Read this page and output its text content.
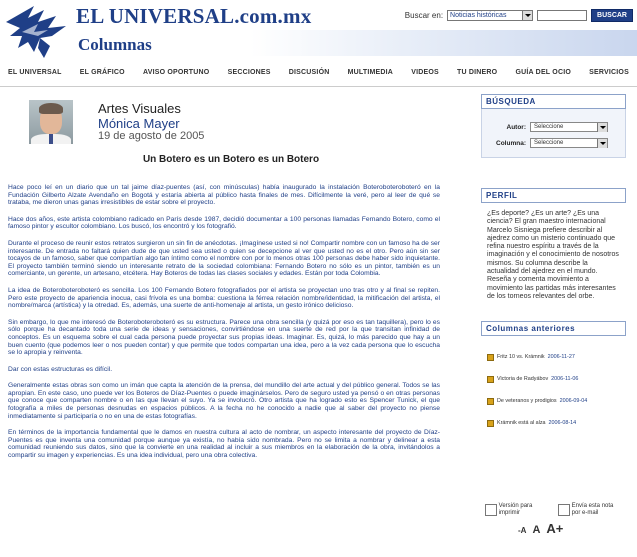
EL UNIVERSAL.com.mx
Columnas
Buscar en: Noticias históricas	BUSCAR
EL UNIVERSAL	EL GRÁFICO	AVISO OPORTUNO	SECCIONES	DISCUSIÓN	MULTIMEDIA	VIDEOS	TU DINERO	GUÍA DEL OCIO	SERVICIOS
Artes Visuales
Mónica Mayer
19 de agosto de 2005
Un Botero es un Botero es un Botero

Hace poco leí en un diario que un tal jaime díaz-puentes (así, con minúsculas) había inaugurado la instalación Boteroboteroboteró en la Fundación Gilberto Alzate Avendaño en Bogotá y estaría abierta al público hasta finales de mes. Difícilmente la veré, pero al leer de qué se trataba, me dieron unas ganas irresistibles de estar sobre el proyecto.

Hace dos años, este artista colombiano radicado en París desde 1987, decidió documentar a 100 personas llamadas Fernando Botero, como el famoso pintor y escultor colombiano. Los buscó, los encontró y los fotografió.

Durante el proceso de reunir estos retratos surgieron un sin fin de anécdotas. ¡Imagínese usted si no! Compartir nombre con un famoso ha de ser interesante. De entrada no faltará quien dude de que usted sea usted o quien se decepcione al ver que usted no es el otro. Pero aún sin ser tocayos de un famoso, saber que compartían algo tan íntimo como el nombre con por lo menos otras 100 personas debe haber sido inquietante. El proyecto también terminó siendo un interesante retrato de la sociedad colombiana: Fernando Botero no sólo es un pintor, también es un comerciante, un gerente, un artesano, etcétera. Hay Boteros de todas las clases sociales y edades. Están por toda Colombia.

La idea de Boteroboteroboteró es sencilla. Los 100 Fernando Botero fotografiados por el artista se proyectan uno tras otro y al final se repiten. Pero este proyecto de apariencia inocua, casi frívola es una bomba: cuestiona la férrea relación nombre/identidad, la mitificación del artista, el nombre/marca (artística) y la otredad. Es, además, una suerte de anti-homenaje al artista, un gesto irónico delicioso.

Sin embargo, lo que me interesó de Boteroboteroboteró es su estructura. Parece una obra sencilla (y quizá por eso es tan taquillera), pero lo es sólo porque ha decantado toda una serie de ideas y sensaciones, convirtiéndose en una suerte de red por la que transitan infinidad de conceptos. Es un esquema sobre el cual cada persona puede proyectar sus propias ideas. Imaginar. Es, quizá, lo más parecido que hay a un buen cuento (que podemos leer o nos pueden contar) y que permite que todos compartan una idea, pero a la vez cada persona que lo escucha se lo apropia y reinventa.

Dar con estas estructuras es difícil.

Generalmente estas obras son como un imán que capta la atención de la prensa, del mundillo del arte actual y del público general. Todos se las apropian. En este caso, uno puede ver los Boteros de Díaz-Puentes o puede imaginárselos. Pero de seguro usted ya pensó o en otras personas que conoce que comparten nombre o en las que llevan el suyo. Ya se involucró. Otro artista que ha logrado esto es Spencer Tunick, el que fotografía a miles de personas desnudas en espacios públicos. A la fecha no he conocido a nadie que al saber del proyecto no piense inmediatamente si participaría o no en una de estas fotografías.

En términos de la importancia fundamental que le damos en nuestra cultura al acto de nombrar, un aspecto interesante del proyecto de Díaz-Puentes es que inventa una comunidad porque aunque ya existía, no había sido nombrada. Pero no se limita a nombrar y delinear a esta comunidad reuniendo sus datos, sino que la convierte en una realidad al incluir a sus miembros en la elaboración de la obra, invitándolos a compartir su imagen y experiencias. Es una idea individual, pero una obra colectiva.

BÚSQUEDA
Autor: Seleccione
Columna: Seleccione
PERFIL
¿Es deporte? ¿Es un arte? ¿Es una ciencia? El gran maestro internacional Marcelo Sisniega prefiere describir al ajedrez como un misterio continuado que refina nuestro espíritu a través de la imaginación y el conocimiento de nosotros mismos. Su columna describe la actualidad del ajedrez en el mundo. Reseña y comenta movimiento a movimiento las partidas más interesantes de los torneos relevantes del orbe.
Columnas anteriores
Fritz 10 vs. Krámnik 2006-11-27
Victoria de Radyábov 2006-11-06
De veteranos y prodigios 2006-09-04
Krámnik está al alza 2006-08-14
Versión para imprimir
Envía esta nota por e-mail
-A A A+
